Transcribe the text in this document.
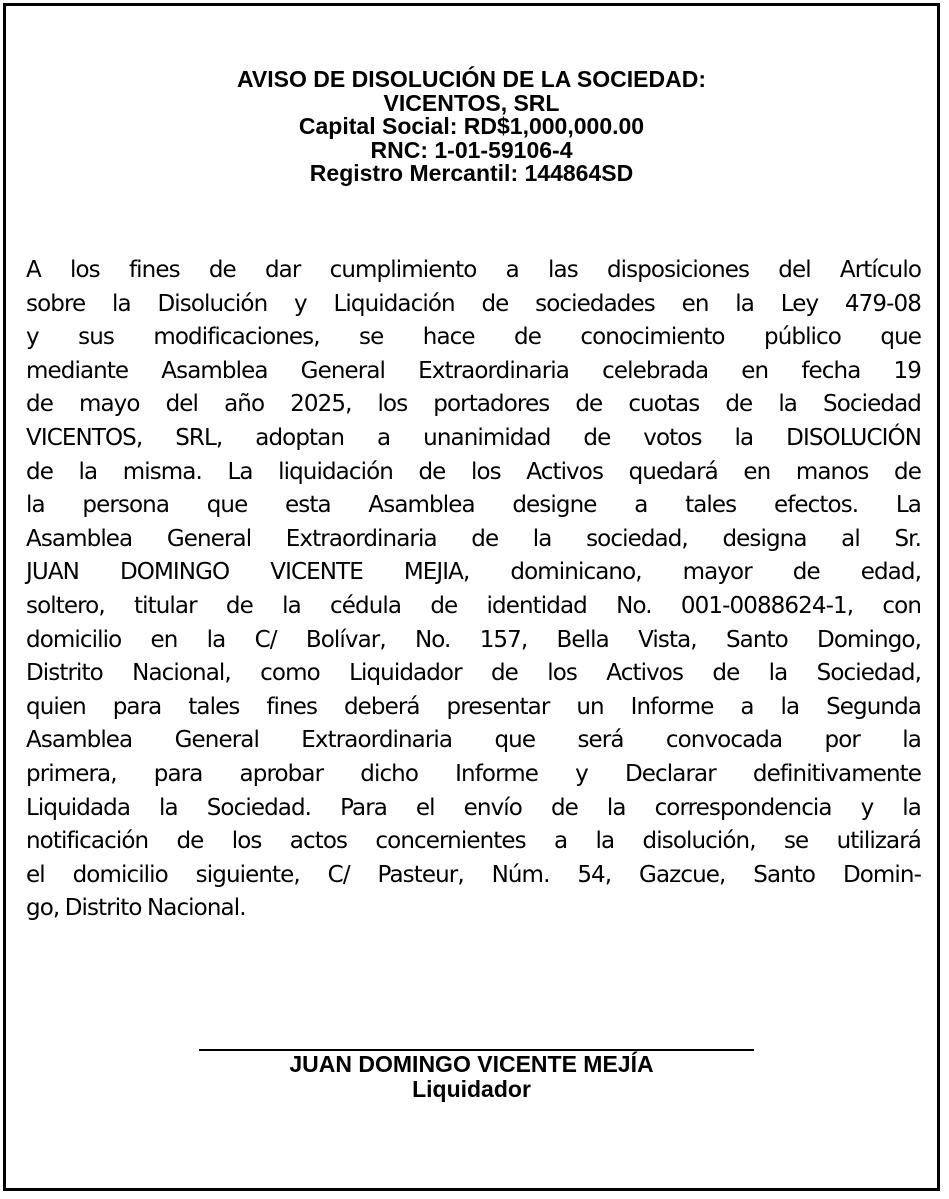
AVISO DE DISOLUCIÓN DE LA SOCIEDAD:
VICENTOS, SRL
Capital Social: RD$1,000,000.00
RNC: 1-01-59106-4
Registro Mercantil: 144864SD
A los fines de dar cumplimiento a las disposiciones del Artículo
sobre la Disolución y Liquidación de sociedades en la Ley 479-08
y sus modificaciones, se hace de conocimiento público que
mediante Asamblea General Extraordinaria celebrada en fecha 19
de mayo del año 2025, los portadores de cuotas de la Sociedad
VICENTOS, SRL, adoptan a unanimidad de votos la DISOLUCIÓN
de la misma. La liquidación de los Activos quedará en manos de
la persona que esta Asamblea designe a tales efectos. La
Asamblea General Extraordinaria de la sociedad, designa al Sr.
JUAN DOMINGO VICENTE MEJIA, dominicano, mayor de edad,
soltero, titular de la cédula de identidad No. 001-0088624-1, con
domicilio en la C/ Bolívar, No. 157, Bella Vista, Santo Domingo,
Distrito Nacional, como Liquidador de los Activos de la Sociedad,
quien para tales fines deberá presentar un Informe a la Segunda
Asamblea General Extraordinaria que será convocada por la
primera, para aprobar dicho Informe y Declarar definitivamente
Liquidada la Sociedad. Para el envío de la correspondencia y la
notificación de los actos concernientes a la disolución, se utilizará
el domicilio siguiente, C/ Pasteur, Núm. 54, Gazcue, Santo Domin-
go, Distrito Nacional.
JUAN DOMINGO VICENTE MEJÍA
Liquidador
